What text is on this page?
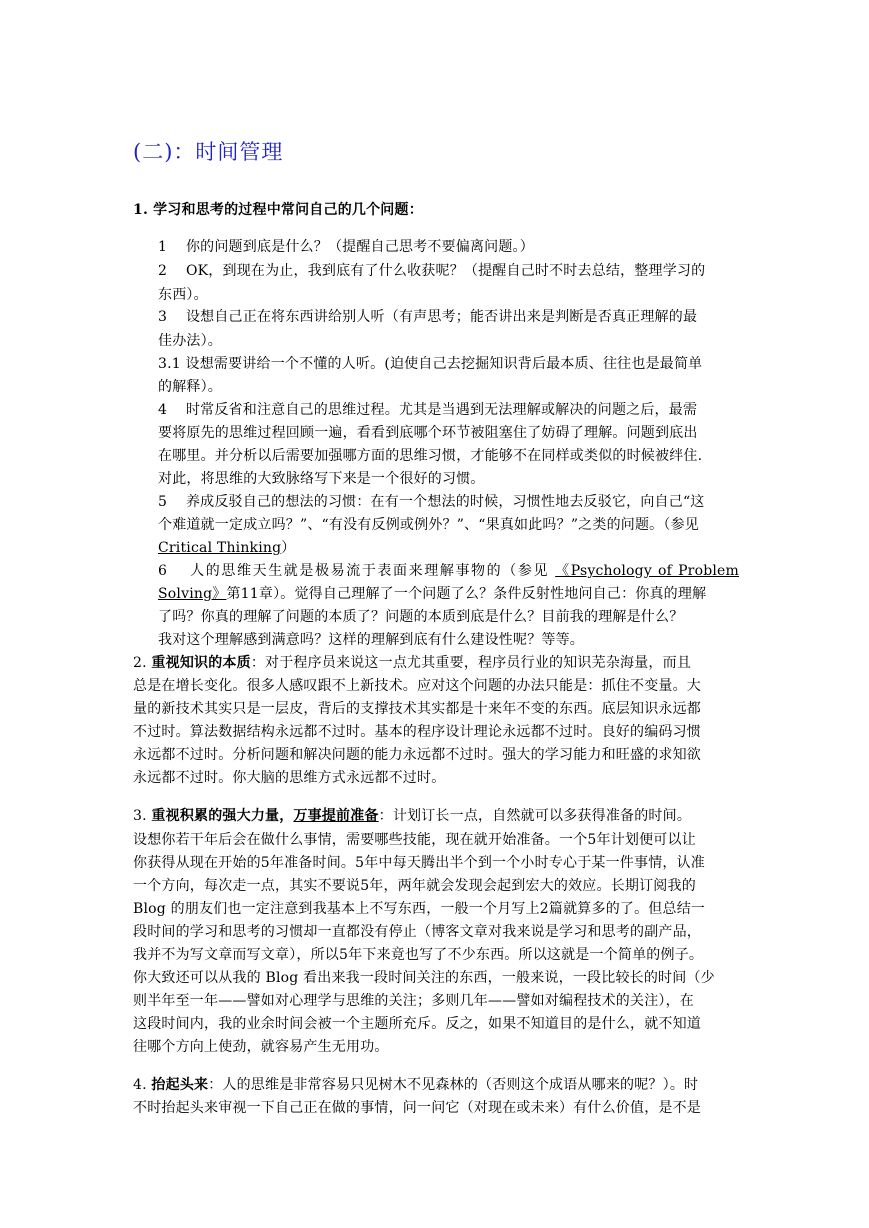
(二)：时间管理
1. 学习和思考的过程中常问自己的几个问题：
1　 你的问题到底是什么？（提醒自己思考不要偏离问题。）
2　 OK，到现在为止，我到底有了什么收获呢？（提醒自己时不时去总结，整理学习的
东西）。
3　 设想自己正在将东西讲给别人听（有声思考；能否讲出来是判断是否真正理解的最
佳办法）。
3.1 设想需要讲给一个不懂的人听。(迫使自己去挖掘知识背后最本质、往往也是最简单
的解释）。
4　 时常反省和注意自己的思维过程。尤其是当遇到无法理解或解决的问题之后，最需
要将原先的思维过程回顾一遍，看看到底哪个环节被阻塞住了妨碍了理解。问题到底出
在哪里。并分析以后需要加强哪方面的思维习惯，才能够不在同样或类似的时候被绊住.
对此，将思维的大致脉络写下来是一个很好的习惯。
5　 养成反驳自己的想法的习惯：在有一个想法的时候，习惯性地去反驳它，向自己“这
个难道就一定成立吗？”、“有没有反例或例外？”、“果真如此吗？”之类的问题。（参见
Critical Thinking）
6　 人的思维天生就是极易流于表面来理解事物的（参见 《Psychology of Problem
Solving》第11章）。觉得自己理解了一个问题了么？条件反射性地问自己：你真的理解
了吗？你真的理解了问题的本质了？问题的本质到底是什么？目前我的理解是什么？
我对这个理解感到满意吗？这样的理解到底有什么建设性呢？等等。
2. 重视知识的本质：对于程序员来说这一点尤其重要，程序员行业的知识芜杂海量，而且
总是在增长变化。很多人感叹跟不上新技术。应对这个问题的办法只能是：抓住不变量。大
量的新技术其实只是一层皮，背后的支撑技术其实都是十来年不变的东西。底层知识永远都
不过时。算法数据结构永远都不过时。基本的程序设计理论永远都不过时。良好的编码习惯
永远都不过时。分析问题和解决问题的能力永远都不过时。强大的学习能力和旺盛的求知欲
永远都不过时。你大脑的思维方式永远都不过时。
3. 重视积累的强大力量，万事提前准备：计划订长一点，自然就可以多获得准备的时间。
设想你若干年后会在做什么事情，需要哪些技能，现在就开始准备。一个5年计划便可以让
你获得从现在开始的5年准备时间。5年中每天腾出半个到一个小时专心于某一件事情，认准
一个方向，每次走一点，其实不要说5年，两年就会发现会起到宏大的效应。长期订阅我的
Blog 的朋友们也一定注意到我基本上不写东西，一般一个月写上2篇就算多的了。但总结一
段时间的学习和思考的习惯却一直都没有停止（博客文章对我来说是学习和思考的副产品，
我并不为写文章而写文章），所以5年下来竟也写了不少东西。所以这就是一个简单的例子。
你大致还可以从我的 Blog 看出来我一段时间关注的东西，一般来说，一段比较长的时间（少
则半年至一年——譬如对心理学与思维的关注；多则几年——譬如对编程技术的关注），在
这段时间内，我的业余时间会被一个主题所充斥。反之，如果不知道目的是什么，就不知道
往哪个方向上使劲，就容易产生无用功。
4. 抬起头来：人的思维是非常容易只见树木不见森林的（否则这个成语从哪来的呢？）。时
不时抬起头来审视一下自己正在做的事情，问一问它（对现在或未来）有什么价值，是不是
